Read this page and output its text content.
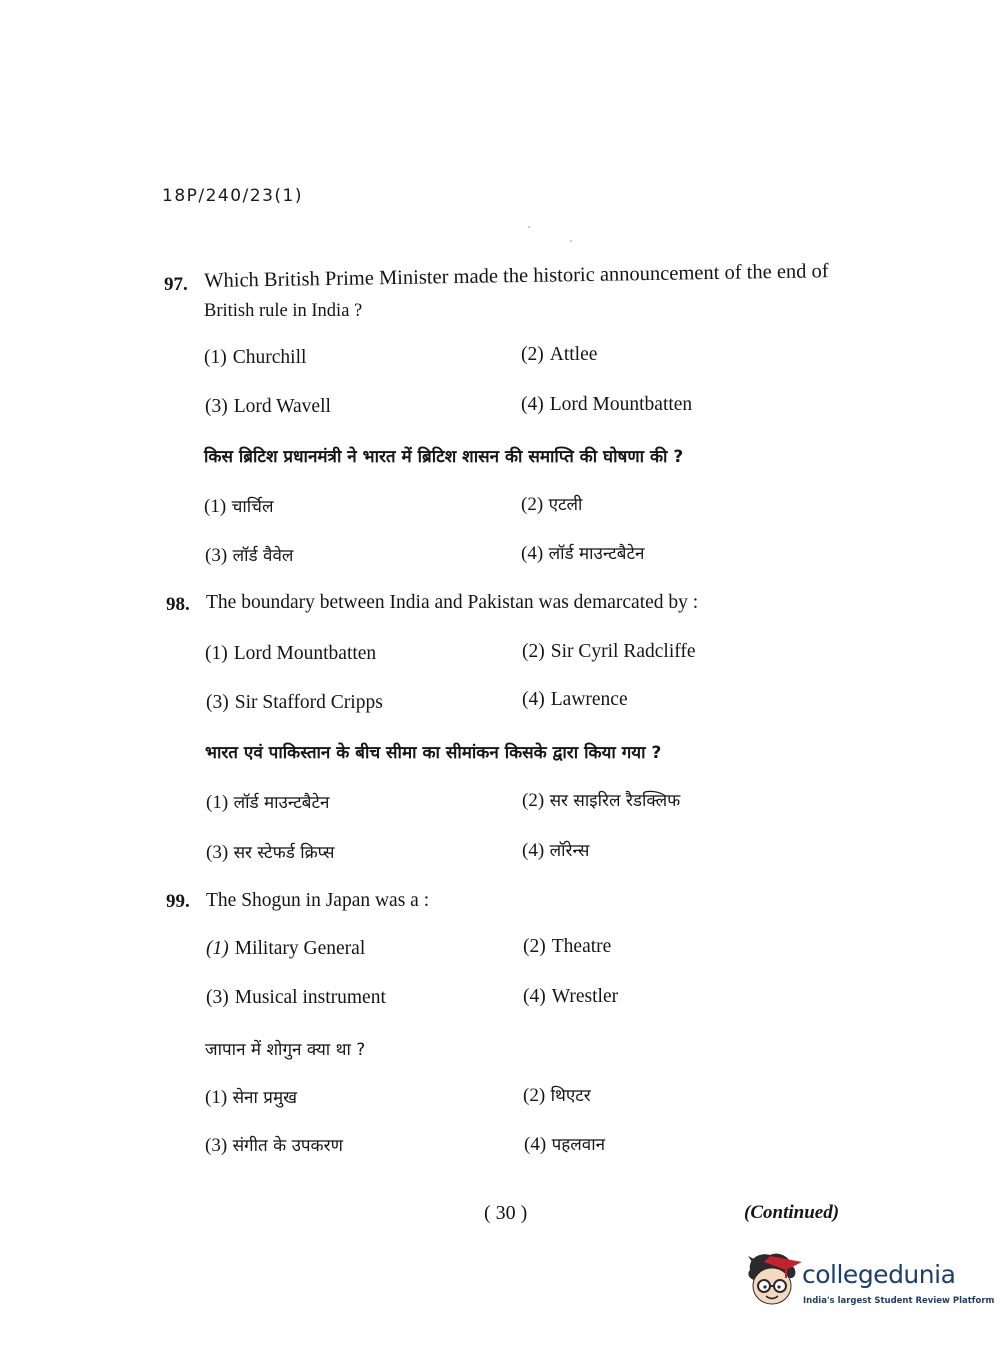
18P/240/23(1)
97. Which British Prime Minister made the historic announcement of the end of
British rule in India ?
(1) Churchill	(2) Attlee
(3) Lord Wavell	(4) Lord Mountbatten
किस ब्रिटिश प्रधानमंत्री ने भारत में ब्रिटिश शासन की समाप्ति की घोषणा की ?
(1) चार्चिल	(2) एटली
(3) लॉर्ड वैवेल	(4) लॉर्ड माउन्टबैटेन
98. The boundary between India and Pakistan was demarcated by :
(1) Lord Mountbatten	(2) Sir Cyril Radcliffe
(3) Sir Stafford Cripps	(4) Lawrence
भारत एवं पाकिस्तान के बीच सीमा का सीमांकन किसके द्वारा किया गया ?
(1) लॉर्ड माउन्टबैटेन	(2) सर साइरिल रैडक्लिफ
(3) सर स्टेफर्ड क्रिप्स	(4) लॉरेन्स
99. The Shogun in Japan was a :
(1) Military General	(2) Theatre
(3) Musical instrument	(4) Wrestler
जापान में शोगुन क्या था ?
(1) सेना प्रमुख	(2) थिएटर
(3) संगीत के उपकरण	(4) पहलवान
( 30 )	(Continued)
collegedunia
India's largest Student Review Platform
